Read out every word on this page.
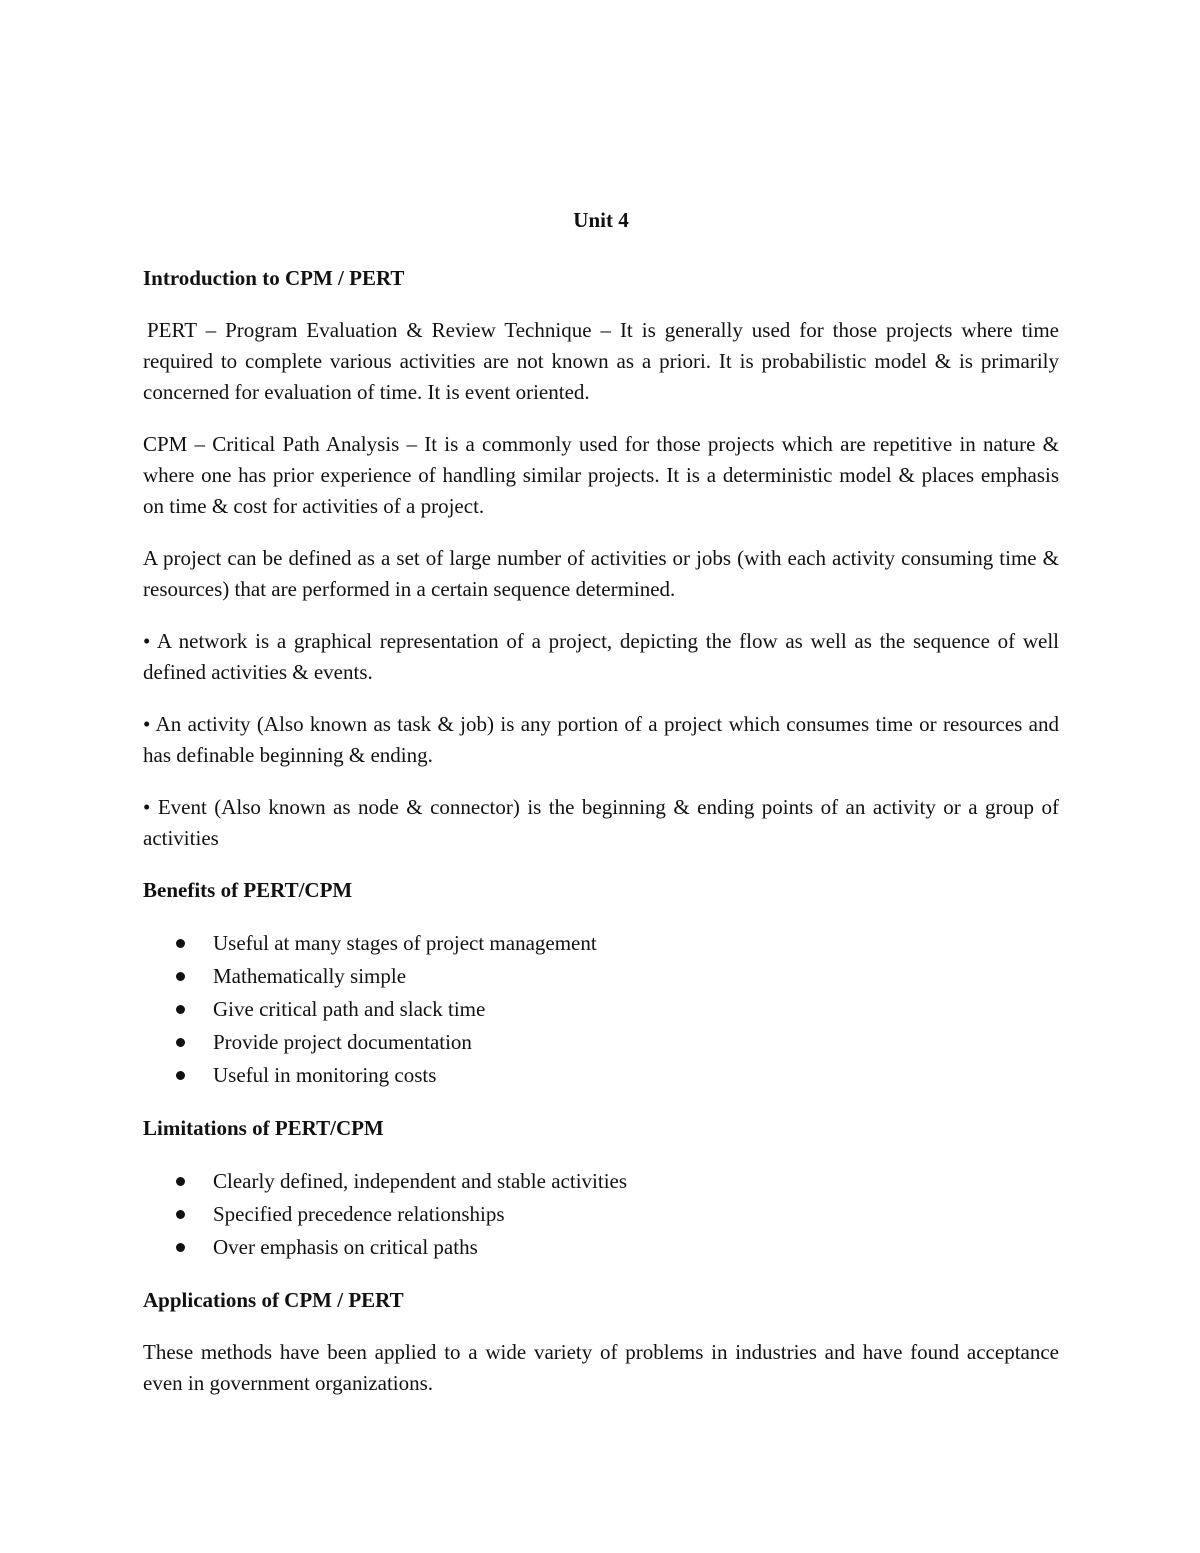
Unit 4
Introduction to CPM / PERT

PERT – Program Evaluation & Review Technique – It is generally used for those projects where time required to complete various activities are not known as a priori. It is probabilistic model & is primarily concerned for evaluation of time. It is event oriented.

CPM – Critical Path Analysis – It is a commonly used for those projects which are repetitive in nature & where one has prior experience of handling similar projects. It is a deterministic model & places emphasis on time & cost for activities of a project.

A project can be defined as a set of large number of activities or jobs (with each activity consuming time & resources) that are performed in a certain sequence determined.

• A network is a graphical representation of a project, depicting the flow as well as the sequence of well defined activities & events.

• An activity (Also known as task & job) is any portion of a project which consumes time or resources and has definable beginning & ending.

• Event (Also known as node & connector) is the beginning & ending points of an activity or a group of activities

Benefits of PERT/CPM
Useful at many stages of project management
Mathematically simple
Give critical path and slack time
Provide project documentation
Useful in monitoring costs
Limitations of PERT/CPM
Clearly defined, independent and stable activities
Specified precedence relationships
Over emphasis on critical paths
Applications of CPM / PERT

These methods have been applied to a wide variety of problems in industries and have found acceptance even in government organizations.
